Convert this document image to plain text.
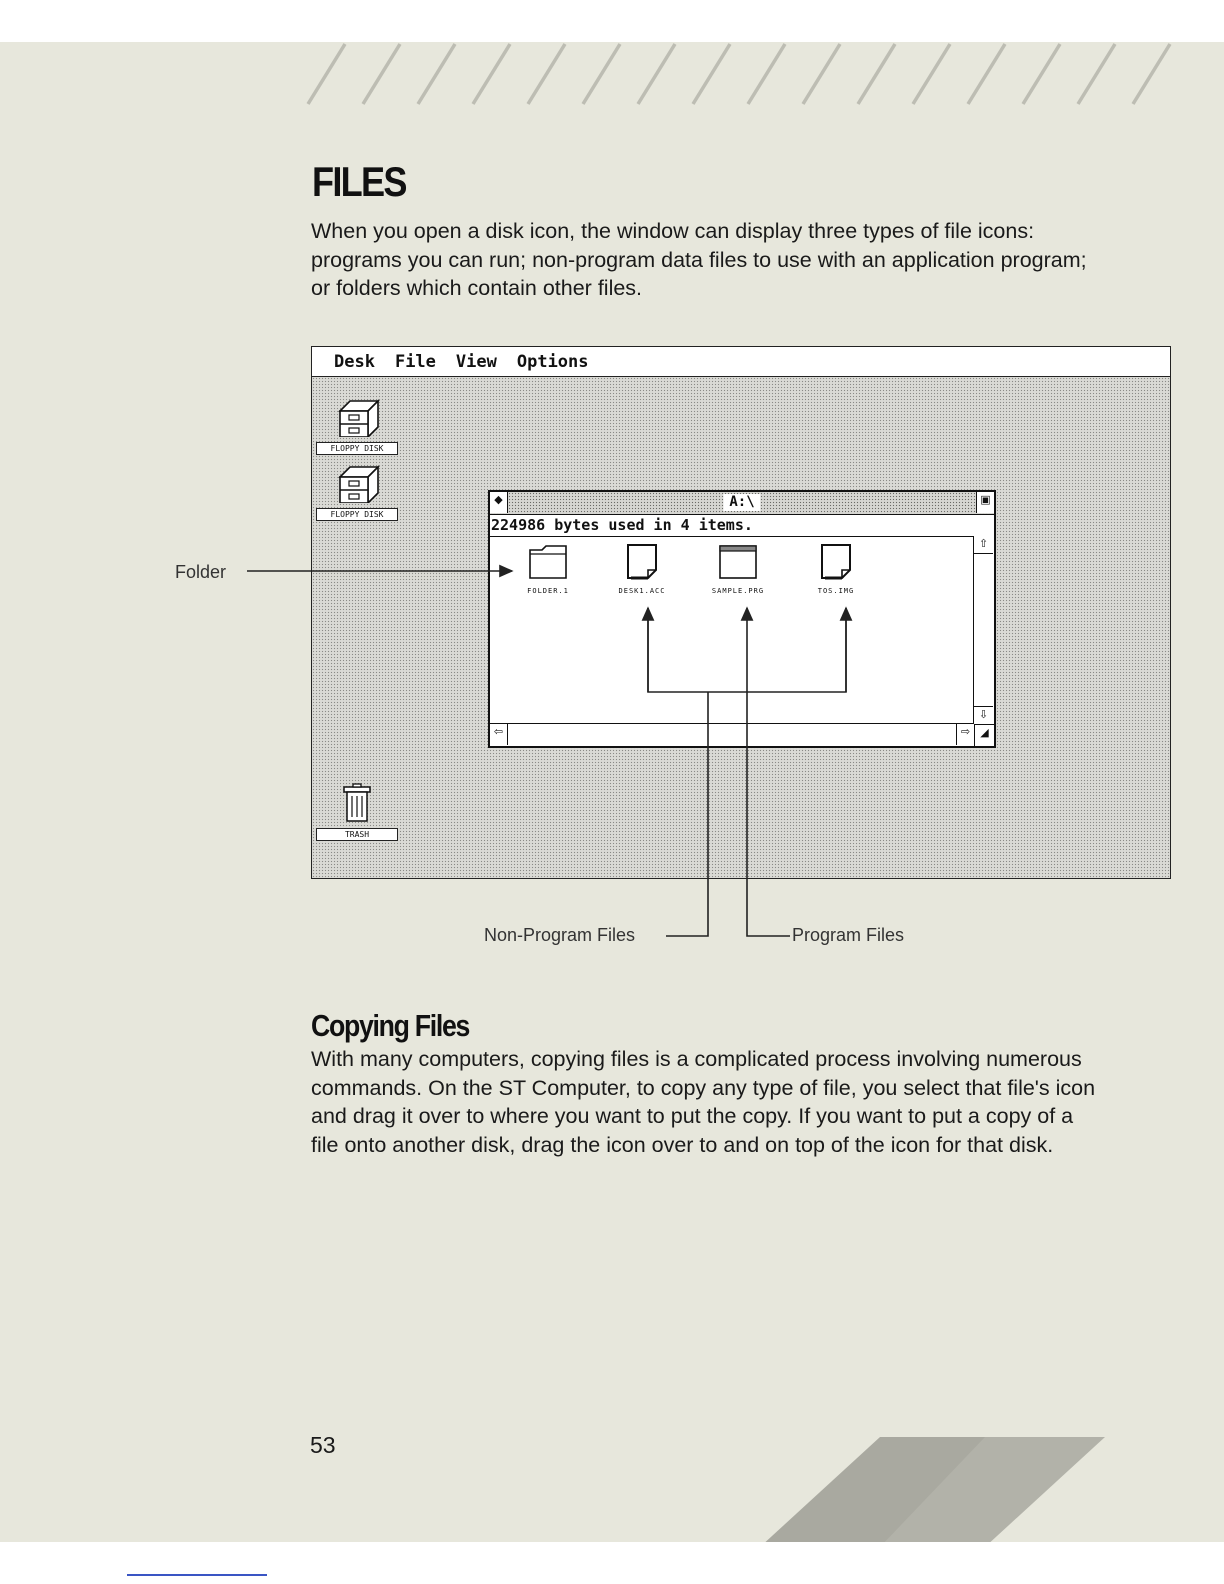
FILES

When you open a disk icon, the window can display three types of file icons: programs you can run; non-program data files to use with an application program; or folders which contain other files.

Desk File View Options
FLOPPY DISK
FLOPPY DISK
TRASH
◆	A:\	▣
224986 bytes used in 4 items.
⇧
⇩
⇦	⇨ ◢
FOLDER.1	DESK1.ACC	SAMPLE.PRG	TOS.IMG
Folder
Non-Program Files	Program Files
Copying Files

With many computers, copying files is a complicated process involving numerous commands. On the ST Computer, to copy any type of file, you select that file's icon and drag it over to where you want to put the copy. If you want to put a copy of a file onto another disk, drag the icon over to and on top of the icon for that disk.

53
